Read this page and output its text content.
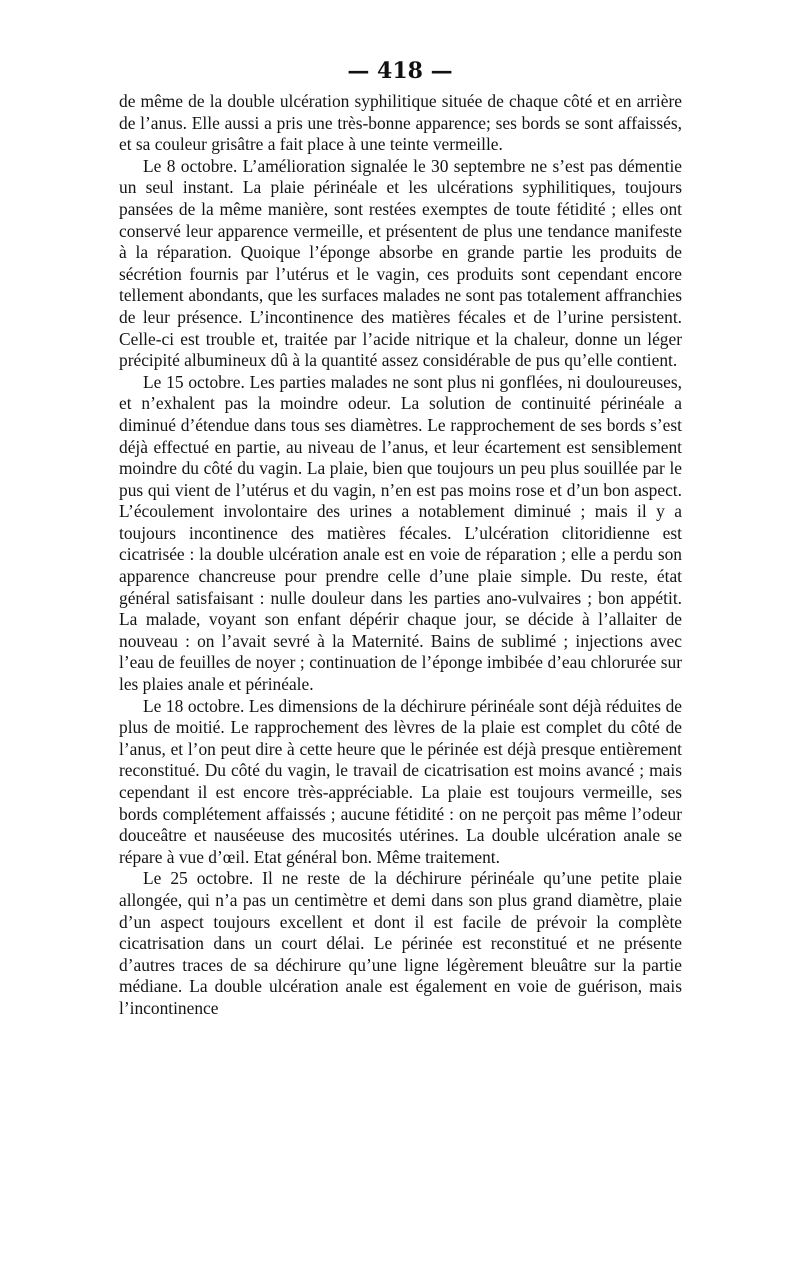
— 418 —

de même de la double ulcération syphilitique située de chaque côté et en arrière de l’anus. Elle aussi a pris une très-bonne apparence; ses bords se sont affaissés, et sa couleur grisâtre a fait place à une teinte vermeille.

Le 8 octobre. L’amélioration signalée le 30 septembre ne s’est pas démentie un seul instant. La plaie périnéale et les ulcérations syphilitiques, toujours pansées de la même manière, sont restées exemptes de toute fétidité ; elles ont conservé leur apparence vermeille, et présentent de plus une tendance manifeste à la réparation. Quoique l’éponge absorbe en grande partie les produits de sécrétion fournis par l’utérus et le vagin, ces produits sont cependant encore tellement abondants, que les surfaces malades ne sont pas totalement affranchies de leur présence. L’incontinence des matières fécales et de l’urine persistent. Celle-ci est trouble et, traitée par l’acide nitrique et la chaleur, donne un léger précipité albumineux dû à la quantité assez considérable de pus qu’elle contient.

Le 15 octobre. Les parties malades ne sont plus ni gonflées, ni douloureuses, et n’exhalent pas la moindre odeur. La solution de continuité périnéale a diminué d’étendue dans tous ses diamètres. Le rapprochement de ses bords s’est déjà effectué en partie, au niveau de l’anus, et leur écartement est sensiblement moindre du côté du vagin. La plaie, bien que toujours un peu plus souillée par le pus qui vient de l’utérus et du vagin, n’en est pas moins rose et d’un bon aspect. L’écoulement involontaire des urines a notablement diminué ; mais il y a toujours incontinence des matières fécales. L’ulcération clitoridienne est cicatrisée : la double ulcération anale est en voie de réparation ; elle a perdu son apparence chancreuse pour prendre celle d’une plaie simple. Du reste, état général satisfaisant : nulle douleur dans les parties ano-vulvaires ; bon appétit. La malade, voyant son enfant dépérir chaque jour, se décide à l’allaiter de nouveau : on l’avait sevré à la Maternité. Bains de sublimé ; injections avec l’eau de feuilles de noyer ; continuation de l’éponge imbibée d’eau chlorurée sur les plaies anale et périnéale.

Le 18 octobre. Les dimensions de la déchirure périnéale sont déjà réduites de plus de moitié. Le rapprochement des lèvres de la plaie est complet du côté de l’anus, et l’on peut dire à cette heure que le périnée est déjà presque entièrement reconstitué. Du côté du vagin, le travail de cicatrisation est moins avancé ; mais cependant il est encore très-appréciable. La plaie est toujours vermeille, ses bords complétement affaissés ; aucune fétidité : on ne perçoit pas même l’odeur douceâtre et nauséeuse des mucosités utérines. La double ulcération anale se répare à vue d’œil. Etat général bon. Même traitement.

Le 25 octobre. Il ne reste de la déchirure périnéale qu’une petite plaie allongée, qui n’a pas un centimètre et demi dans son plus grand diamètre, plaie d’un aspect toujours excellent et dont il est facile de prévoir la complète cicatrisation dans un court délai. Le périnée est reconstitué et ne présente d’autres traces de sa déchirure qu’une ligne légèrement bleuâtre sur la partie médiane. La double ulcération anale est également en voie de guérison, mais l’incontinence
